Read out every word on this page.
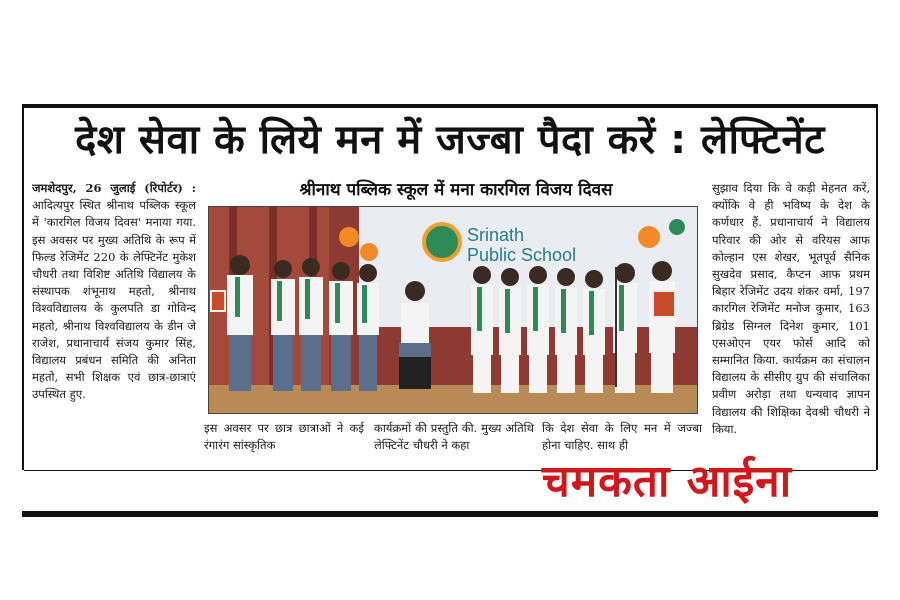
देश सेवा के लिये मन में जज्बा पैदा करें : लेफ्टिनेंट
श्रीनाथ पब्लिक स्कूल में मना कारगिल विजय दिवस
जमशेदपुर, 26 जुलाई (रिपोर्टर) : आदित्यपुर स्थित श्रीनाथ पब्लिक स्कूल में 'कारगिल विजय दिवस' मनाया गया. इस अवसर पर मुख्य अतिथि के रूप में फिल्ड रेजिमेंट 220 के लेफ्टिनेंट मुकेश चौधरी तथा विशिष्ट अतिथि विद्यालय के संस्थापक शंभूनाथ महतो, श्रीनाथ विश्वविद्यालय के कुलपति डा गोविन्द महतो, श्रीनाथ विश्वविद्यालय के डीन जे राजेश, प्रधानाचार्य संजय कुमार सिंह, विद्यालय प्रबंधन समिति की अनिता महतो, सभी शिक्षक एवं छात्र-छात्राएं उपस्थित हुए.
Srinath
Public School
इस अवसर पर छात्र छात्राओं ने कई रंगारंग सांस्कृतिक
कार्यक्रमों की प्रस्तुति की. मुख्य अतिथि लेफ्टिनेंट चौधरी ने कहा
कि देश सेवा के लिए मन में जज्बा होना चाहिए. साथ ही
सुझाव दिया कि वे कड़ी मेहनत करें, क्योंकि वे ही भविष्य के देश के कर्णधार हैं. प्रधानाचार्य ने विद्यालय परिवार की ओर से वरियस आफ कोल्हान एस शेखर, भूतपूर्व सैनिक सुखदेव प्रसाद, कैप्टन आफ प्रथम बिहार रेजिमेंट उदय शंकर वर्मा, 197 कारगिल रेजिमेंट मनोज कुमार, 163 ब्रिग्रेड सिग्नल दिनेश कुमार, 101 एसओएन एयर फोर्स आदि को सम्मानित किया. कार्यक्रम का संचालन विद्यालय के सीसीए ग्रुप की संचालिका प्रवीण अरोड़ा तथा धन्यवाद ज्ञापन विद्यालय की शिक्षिका देवश्री चौधरी ने किया.
चमकता आईना
